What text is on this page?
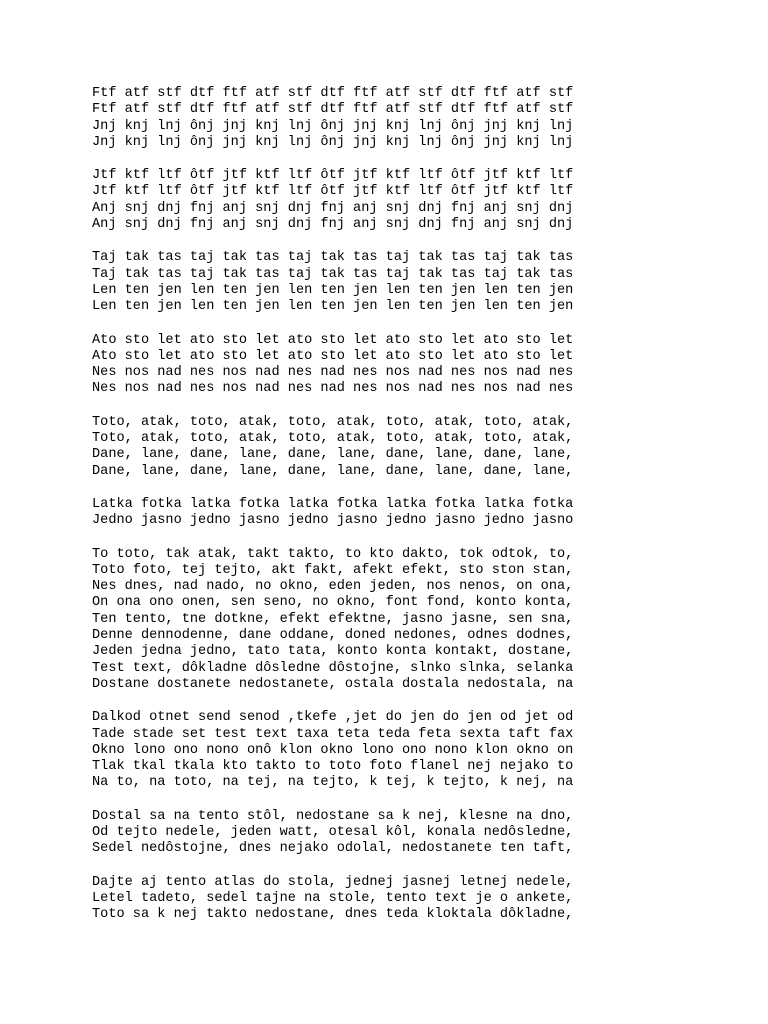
Ftf atf stf dtf ftf atf stf dtf ftf atf stf dtf ftf atf stf
Ftf atf stf dtf ftf atf stf dtf ftf atf stf dtf ftf atf stf
Jnj knj lnj ônj jnj knj lnj ônj jnj knj lnj ônj jnj knj lnj
Jnj knj lnj ônj jnj knj lnj ônj jnj knj lnj ônj jnj knj lnj
Jtf ktf ltf ôtf jtf ktf ltf ôtf jtf ktf ltf ôtf jtf ktf ltf
Jtf ktf ltf ôtf jtf ktf ltf ôtf jtf ktf ltf ôtf jtf ktf ltf
Anj snj dnj fnj anj snj dnj fnj anj snj dnj fnj anj snj dnj
Anj snj dnj fnj anj snj dnj fnj anj snj dnj fnj anj snj dnj
Taj tak tas taj tak tas taj tak tas taj tak tas taj tak tas
Taj tak tas taj tak tas taj tak tas taj tak tas taj tak tas
Len ten jen len ten jen len ten jen len ten jen len ten jen
Len ten jen len ten jen len ten jen len ten jen len ten jen
Ato sto let ato sto let ato sto let ato sto let ato sto let
Ato sto let ato sto let ato sto let ato sto let ato sto let
Nes nos nad nes nos nad nes nad nes nos nad nes nos nad nes
Nes nos nad nes nos nad nes nad nes nos nad nes nos nad nes
Toto, atak, toto, atak, toto, atak, toto, atak, toto, atak,
Toto, atak, toto, atak, toto, atak, toto, atak, toto, atak,
Dane, lane, dane, lane, dane, lane, dane, lane, dane, lane,
Dane, lane, dane, lane, dane, lane, dane, lane, dane, lane,
Latka fotka latka fotka latka fotka latka fotka latka fotka
Jedno jasno jedno jasno jedno jasno jedno jasno jedno jasno
To toto, tak atak, takt takto, to kto dakto, tok odtok, to,
Toto foto, tej tejto, akt fakt, afekt efekt, sto ston stan,
Nes dnes, nad nado, no okno, eden jeden, nos nenos, on ona,
On ona ono onen, sen seno, no okno, font fond, konto konta,
Ten tento, tne dotkne, efekt efektne, jasno jasne, sen sna,
Denne dennodenne, dane oddane, doned nedones, odnes dodnes,
Jeden jedna jedno, tato tata, konto konta kontakt, dostane,
Test text, dôkladne dôsledne dôstojne, slnko slnka, selanka
Dostane dostanete nedostanete, ostala dostala nedostala, na
Dalkod otnet send senod ,tkefe ,jet do jen do jen od jet od
Tade stade set test text taxa teta teda feta sexta taft fax
Okno lono ono nono onô klon okno lono ono nono klon okno on
Tlak tkal tkala kto takto to toto foto flanel nej nejako to
Na to, na toto, na tej, na tejto, k tej, k tejto, k nej, na
Dostal sa na tento stôl, nedostane sa k nej, klesne na dno,
Od tejto nedele, jeden watt, otesal kôl, konala nedôsledne,
Sedel nedôstojne, dnes nejako odolal, nedostanete ten taft,
Dajte aj tento atlas do stola, jednej jasnej letnej nedele,
Letel tadeto, sedel tajne na stole, tento text je o ankete,
Toto sa k nej takto nedostane, dnes teda kloktala dôkladne,
